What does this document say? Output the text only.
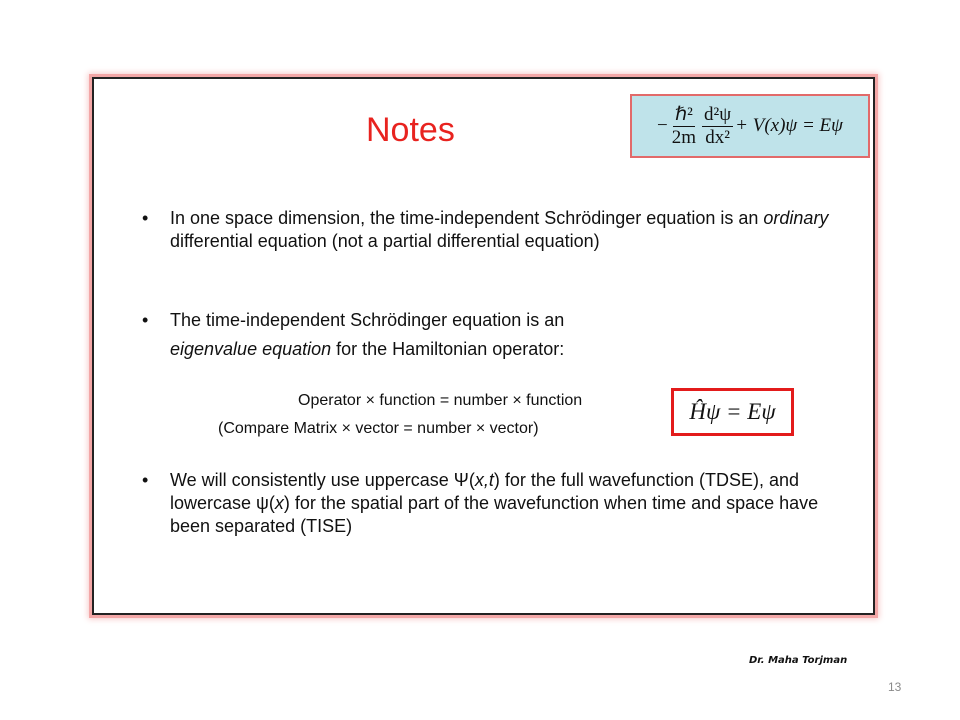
Notes	− $\frac{\text{ℏ²}}{2m} \frac{\text{d²ψ}}{\text{dx²}} + V(x)\psi = E\psi$
• In one space dimension, the time-independent Schrödinger equation is an ordinary differential equation (not a partial differential equation)
• The time-independent Schrödinger equation is an
eigenvalue equation for the Hamiltonian operator:
• We will consistently use uppercase Ψ(x,t) for the full wavefunction (TDSE), and lowercase ψ(x) for the spatial part of the wavefunction when time and space have been separated (TISE)
Operator × function = number × function
(Compare Matrix × vector = number × vector)
Ĥψ = Eψ
Dr. Maha Torjman
13
